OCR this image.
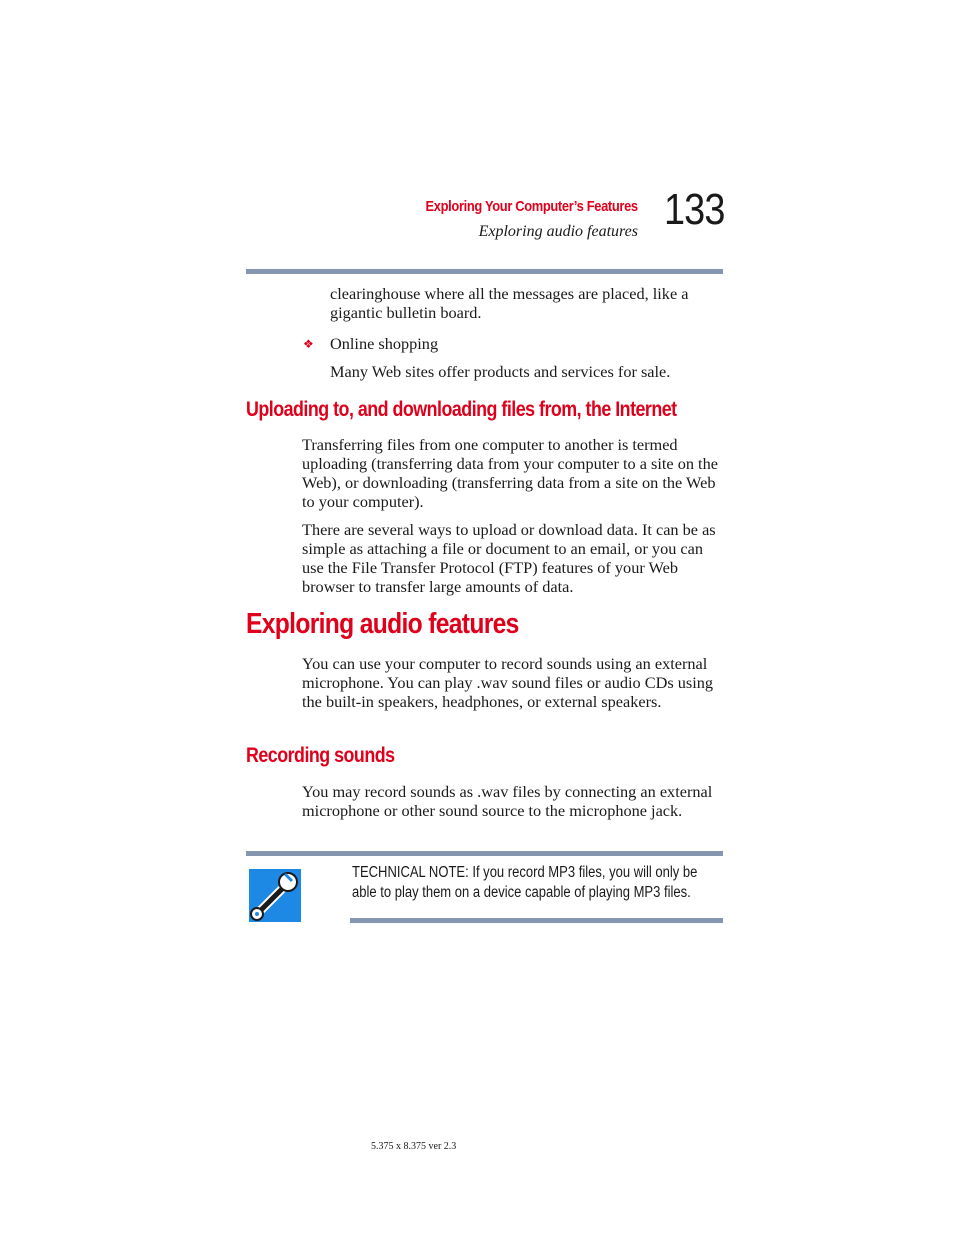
Exploring Your Computer’s Features
Exploring audio features 133

clearinghouse where all the messages are placed, like a gigantic bulletin board.

❖ Online shopping

Many Web sites offer products and services for sale.

Uploading to, and downloading files from, the Internet

Transferring files from one computer to another is termed uploading (transferring data from your computer to a site on the Web), or downloading (transferring data from a site on the Web to your computer).

There are several ways to upload or download data. It can be as simple as attaching a file or document to an email, or you can use the File Transfer Protocol (FTP) features of your Web browser to transfer large amounts of data.

Exploring audio features

You can use your computer to record sounds using an external microphone. You can play .wav sound files or audio CDs using the built-in speakers, headphones, or external speakers.

Recording sounds

You may record sounds as .wav files by connecting an external microphone or other sound source to the microphone jack.

TECHNICAL NOTE: If you record MP3 files, you will only be able to play them on a device capable of playing MP3 files.
5.375 x 8.375 ver 2.3
